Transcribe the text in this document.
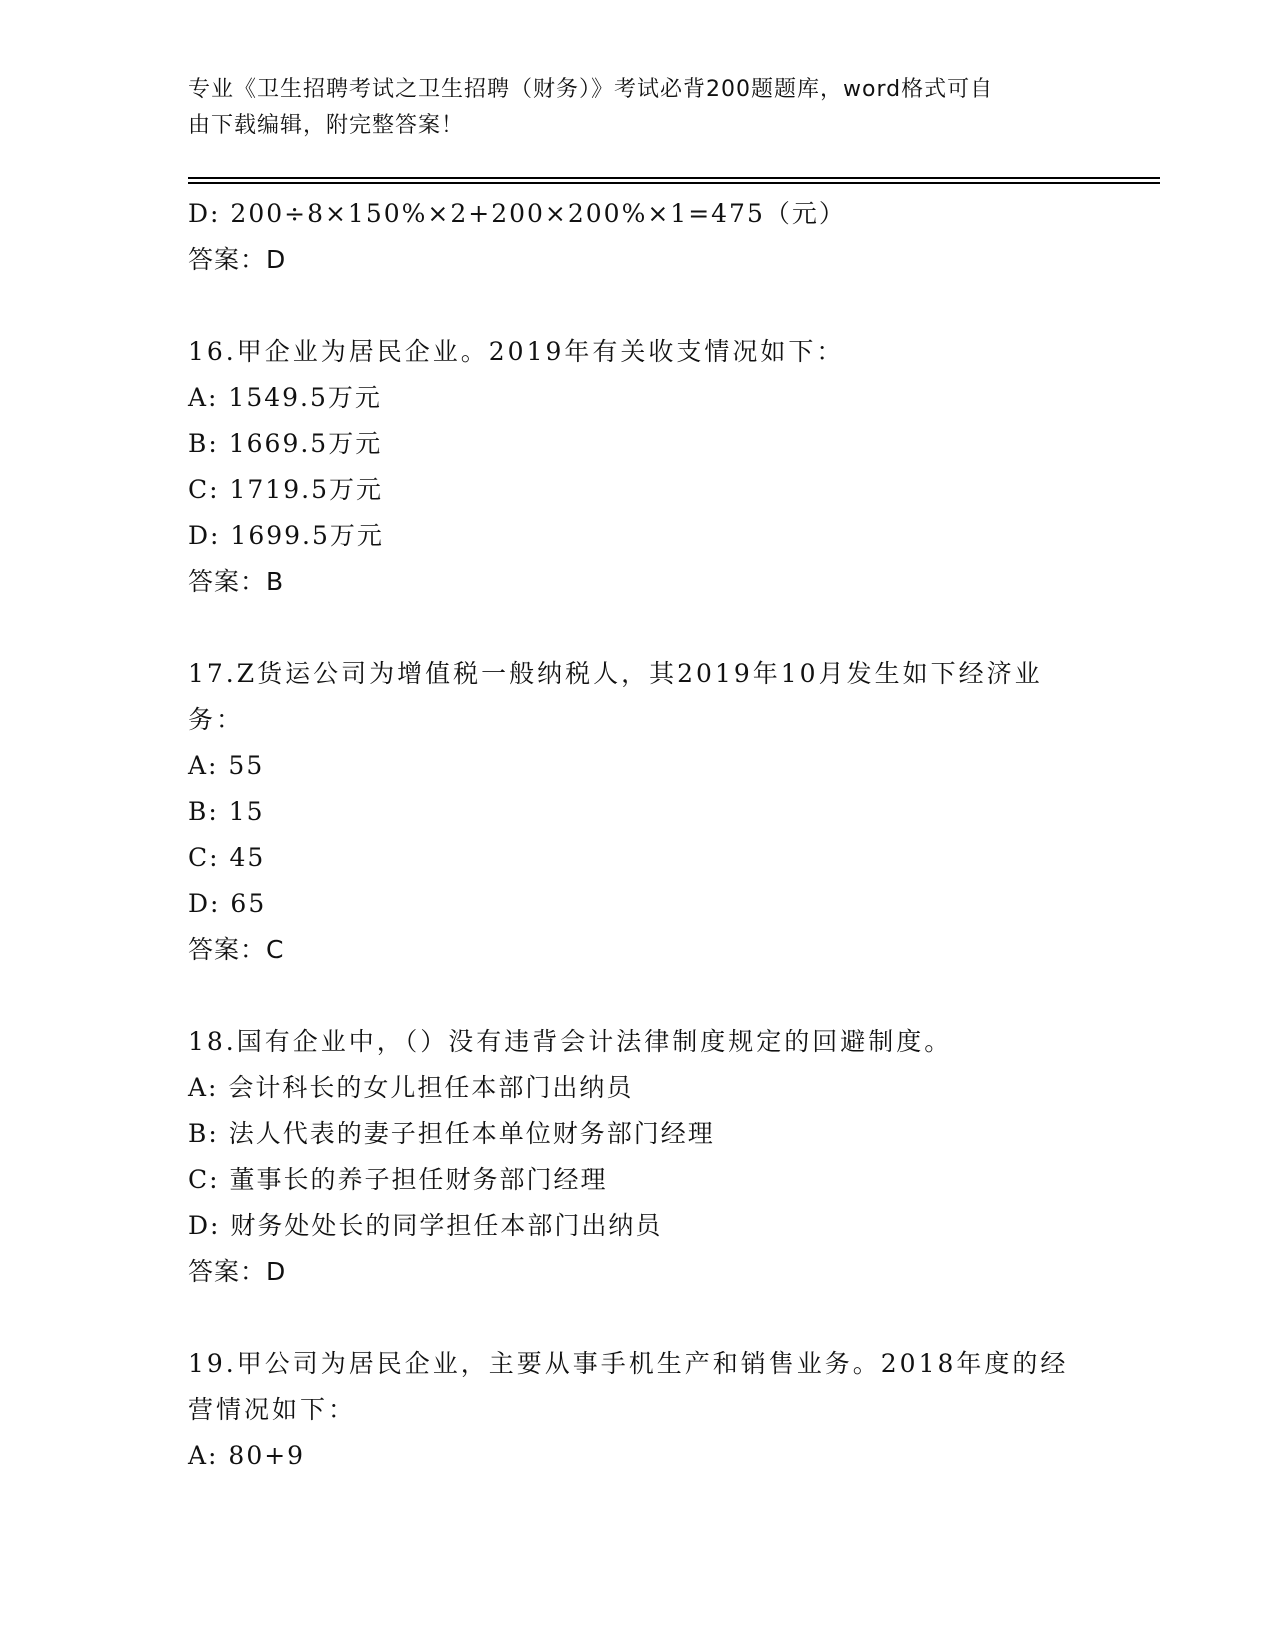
专业《卫生招聘考试之卫生招聘（财务）》考试必背200题题库，word格式可自
由下载编辑，附完整答案！
D: 200÷8×150%×2+200×200%×1=475（元）
答案：D
16.甲企业为居民企业。2019年有关收支情况如下：
A: 1549.5万元
B: 1669.5万元
C: 1719.5万元
D: 1699.5万元
答案：B
17.Z货运公司为增值税一般纳税人，其2019年10月发生如下经济业
务：
A: 55
B: 15
C: 45
D: 65
答案：C
18.国有企业中，（）没有违背会计法律制度规定的回避制度。
A: 会计科长的女儿担任本部门出纳员
B: 法人代表的妻子担任本单位财务部门经理
C: 董事长的养子担任财务部门经理
D: 财务处处长的同学担任本部门出纳员
答案：D
19.甲公司为居民企业，主要从事手机生产和销售业务。2018年度的经
营情况如下：
A: 80+9
